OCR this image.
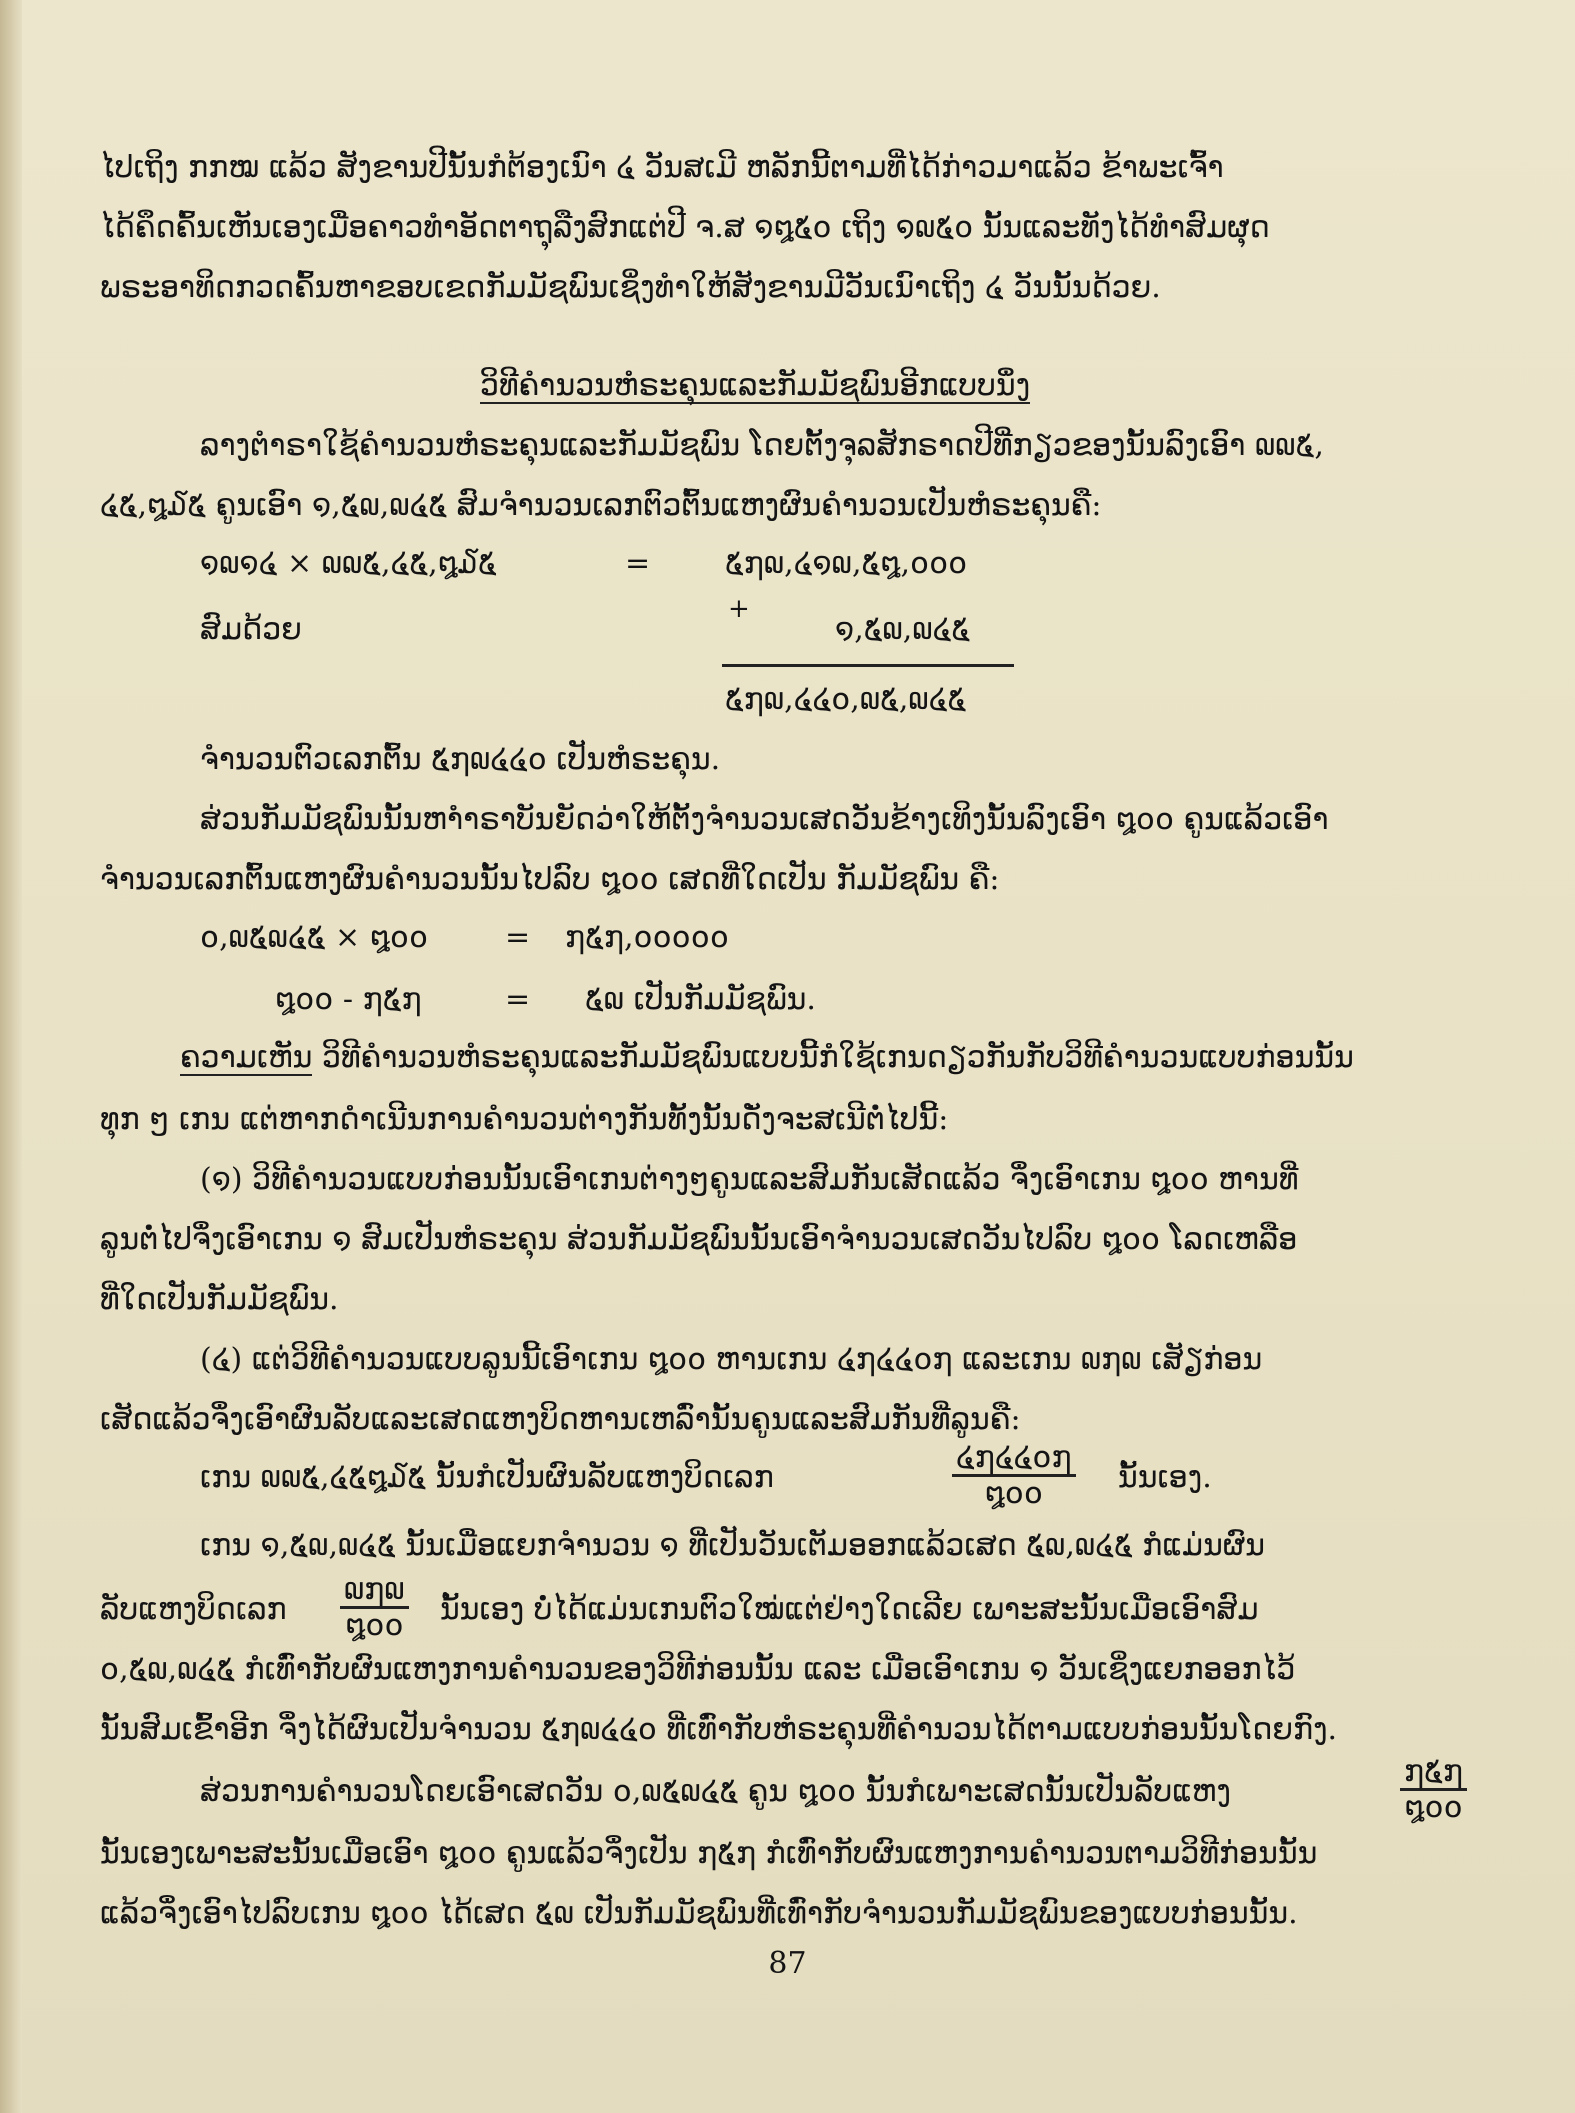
ໄປເຖິງ ກກໝ ແລ້ວ ສັງຂານປີນັ້ນກໍຕ້ອງເນົາ ໔ ວັນສເມີ ຫລັກນີ້ຕາມທີ່ໄດ້ກ່າວມາແລ້ວ ຂ້າພະເຈົ້າ
ໄດ້ຄຶດຄົ້ນເຫັນເອງເມື່ອຄາວທຳອັດຕາຖຸລືງສົກແຕ່ປີ ຈ.ສ ໑໘໕໐ ເຖິງ ໑໙໕໐ ນັ້ນແລະທັງໄດ້ທຳສົມຜຸດ
ພຣະອາທິດກວດຄົ້ນຫາຂອບເຂດກັມມັຊພົນເຊິ່ງທຳໃຫ້ສັງຂານມີວັນເນົາເຖິງ ໔ ວັນນັ້ນດ້ວຍ.
ວິທີຄຳນວນຫໍຣະຄຸນແລະກັມມັຊພົນອີກແບບນຶ່ງ
ລາງຕຳຣາໃຊ້ຄຳນວນຫໍຣະຄຸນແລະກັມມັຊພົນ ໂດຍຕັ້ງຈຸລສັກຣາດປີທີ່ກຽວຂອງນັ້ນລົງເອົາ ໙໙໕,
໔໕,໘໓໕ ຄູນເອົາ ໑,໕໙,໙໔໕ ສົມຈຳນວນເລກຕົວຕົ້ນແຫງຜົນຄຳນວນເປັນຫໍຣະຄຸນຄື:
໑໙໑໔ × ໙໙໕,໔໕,໘໓໕	= ໕໗໙,໔໑໙,໕໘,໐໐໐
+
ສົມດ້ວຍ	໑,໕໙,໙໔໕
໕໗໙,໔໔໐,໙໕,໙໔໕
ຈຳນວນຕົວເລກຕົ້ນ ໕໗໙໔໔໐ ເປັນຫໍຣະຄຸນ.
ສ່ວນກັມມັຊພົນນັ້ນຫາຳຣາບັນຍັດວ່າໃຫ້ຕັ້ງຈຳນວນເສດວັນຂ້າງເທິງນັ້ນລົງເອົາ ໘໐໐ ຄູນແລ້ວເອົາ
ຈຳນວນເລກຕົ້ນແຫງຜົນຄຳນວນນັ້ນໄປລົບ ໘໐໐ ເສດທີ່ໃດເປັນ ກັມມັຊພົນ ຄື:
໐,໙໕໙໔໕ × ໘໐໐	= ໗໕໗,໐໐໐໐໐
໘໐໐ - ໗໕໗	= ໕໙ ເປັນກັມມັຊພົນ.
ຄວາມເຫັນ ວິທີຄຳນວນຫໍຣະຄຸນແລະກັມມັຊພົນແບບນີ້ກໍໃຊ້ເກນດຽວກັນກັບວິທີຄຳນວນແບບກ່ອນນັ້ນ
ທຸກ ໆ ເກນ ແຕ່ຫາກດຳເນີນການຄຳນວນຕ່າງກັນທັ້ງນັ້ນດັ່ງຈະສເນີຕໍ່ໄປນີ້:
(໑) ວິທີຄຳນວນແບບກ່ອນນັ້ນເອົາເກນຕ່າງໆຄູນແລະສົມກັນເສັດແລ້ວ ຈຶ່ງເອົາເກນ ໘໐໐ ຫານທີ່
ລູນຕໍ່ໄປຈຶ່ງເອົາເກນ ໑ ສົມເປັນຫໍຣະຄຸນ ສ່ວນກັມມັຊພົນນັ້ນເອົາຈຳນວນເສດວັນໄປລົບ ໘໐໐ ໂລດເຫລືອ
ທີ່ໃດເປັນກັມມັຊພົນ.
(໔) ແຕ່ວິທີຄຳນວນແບບລູນນີ້ເອົາເກນ ໘໐໐ ຫານເກນ ໔໗໔໔໐໗ ແລະເກນ ໙໗໙ ເສັຽກ່ອນ
ເສັດແລ້ວຈຶ່ງເອົາຜົນລັບແລະເສດແຫງບິດຫານເຫລົ່ານັ້ນຄູນແລະສົມກັນທີ່ລູນຄື:
ເກນ ໙໙໕,໔໕໘໓໕ ນັ້ນກໍເປັນຜົນລັບແຫງບິດເລກ
໔໗໔໔໐໗
໘໐໐	ນັ້ນເອງ.
ເກນ ໑,໕໙,໙໔໕ ນັ້ນເມື່ອແຍກຈຳນວນ ໑ ທີ່ເປັນວັນເຕັມອອກແລ້ວເສດ ໕໙,໙໔໕ ກໍແມ່ນຜົນ
ລັບແຫງບິດເລກ
໙໗໙
໘໐໐ ນັ້ນເອງ ບໍ່ໄດ້ແມ່ນເກນຕົວໃໝ່ແຕ່ຢ່າງໃດເລີຍ ເພາະສະນັ້ນເມື່ອເອົາສົມ
໐,໕໙,໙໔໕ ກໍເທົ່າກັບຜົນແຫງການຄຳນວນຂອງວິທີກ່ອນນັ້ນ ແລະ ເມື່ອເອົາເກນ ໑ ວັນເຊິ່ງແຍກອອກໄວ້
ນັ້ນສົມເຂົ້າອີກ ຈຶ່ງໄດ້ຜົນເປັນຈຳນວນ ໕໗໙໔໔໐ ທີ່ເທົ່າກັບຫໍຣະຄຸນທີ່ຄຳນວນໄດ້ຕາມແບບກ່ອນນັ້ນໂດຍກົງ.
ສ່ວນການຄຳນວນໂດຍເອົາເສດວັນ ໐,໙໕໙໔໕ ຄູນ ໘໐໐ ນັ້ນກໍເພາະເສດນັ້ນເປັນລັບແຫງ
໗໕໗
໘໐໐
ນັ້ນເອງເພາະສະນັ້ນເມື່ອເອົາ ໘໐໐ ຄູນແລ້ວຈຶ່ງເປັນ ໗໕໗ ກໍເທົ່າກັບຜົນແຫງການຄຳນວນຕາມວິທີກ່ອນນັ້ນ
ແລ້ວຈຶ່ງເອົາໄປລົບເກນ ໘໐໐ ໄດ້ເສດ ໕໙ ເປັນກັມມັຊພົນທີ່ເທົ່າກັບຈຳນວນກັມມັຊພົນຂອງແບບກ່ອນນັ້ນ.
87
